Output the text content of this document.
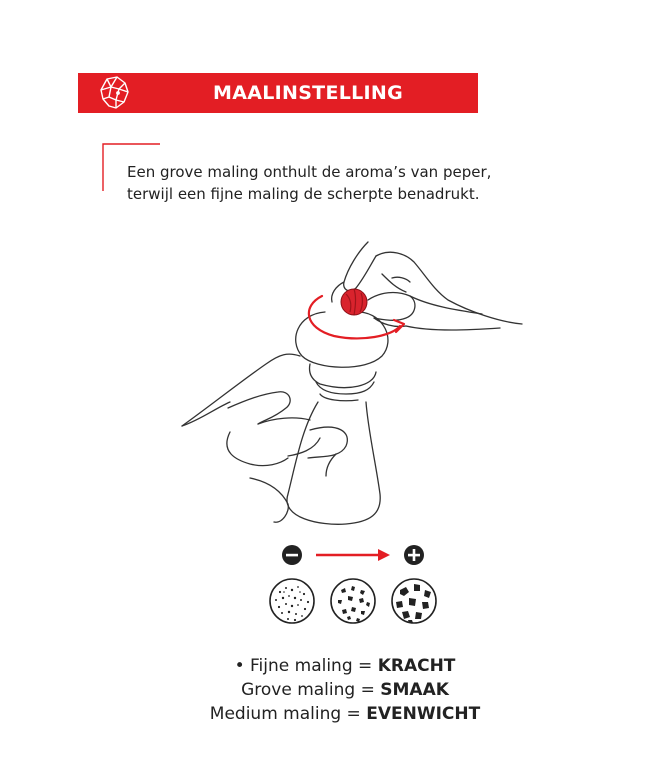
MAALINSTELLING
Een grove maling onthult de aroma’s van peper,
terwijl een fijne maling de scherpte benadrukt.
• Fijne maling = KRACHT
Grove maling = SMAAK
Medium maling = EVENWICHT
